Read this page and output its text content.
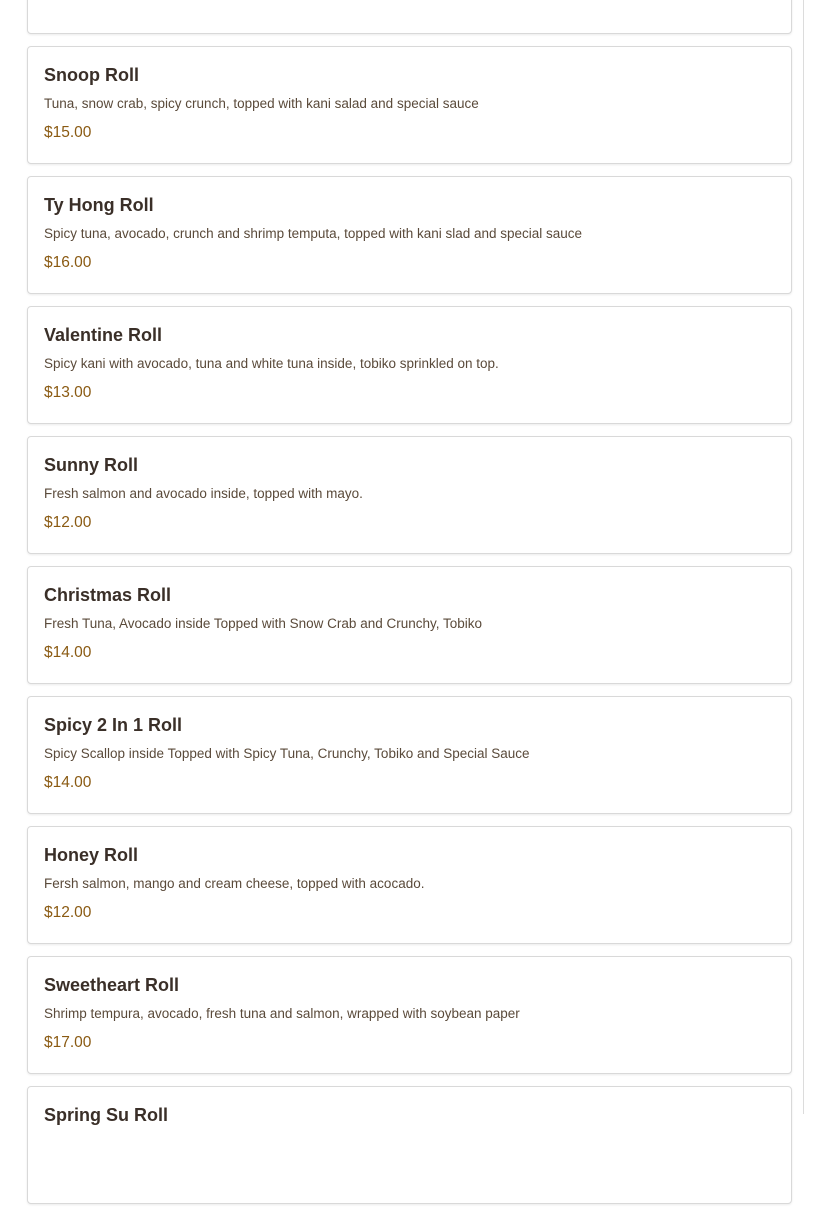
Snoop Roll
Tuna, snow crab, spicy crunch, topped with kani salad and special sauce
$15.00
Ty Hong Roll
Spicy tuna, avocado, crunch and shrimp temputa, topped with kani slad and special sauce
$16.00
Valentine Roll
Spicy kani with avocado, tuna and white tuna inside, tobiko sprinkled on top.
$13.00
Sunny Roll
Fresh salmon and avocado inside, topped with mayo.
$12.00
Christmas Roll
Fresh Tuna, Avocado inside Topped with Snow Crab and Crunchy, Tobiko
$14.00
Spicy 2 In 1 Roll
Spicy Scallop inside Topped with Spicy Tuna, Crunchy, Tobiko and Special Sauce
$14.00
Honey Roll
Fersh salmon, mango and cream cheese, topped with acocado.
$12.00
Sweetheart Roll
Shrimp tempura, avocado, fresh tuna and salmon, wrapped with soybean paper
$17.00
Spring Su Roll
